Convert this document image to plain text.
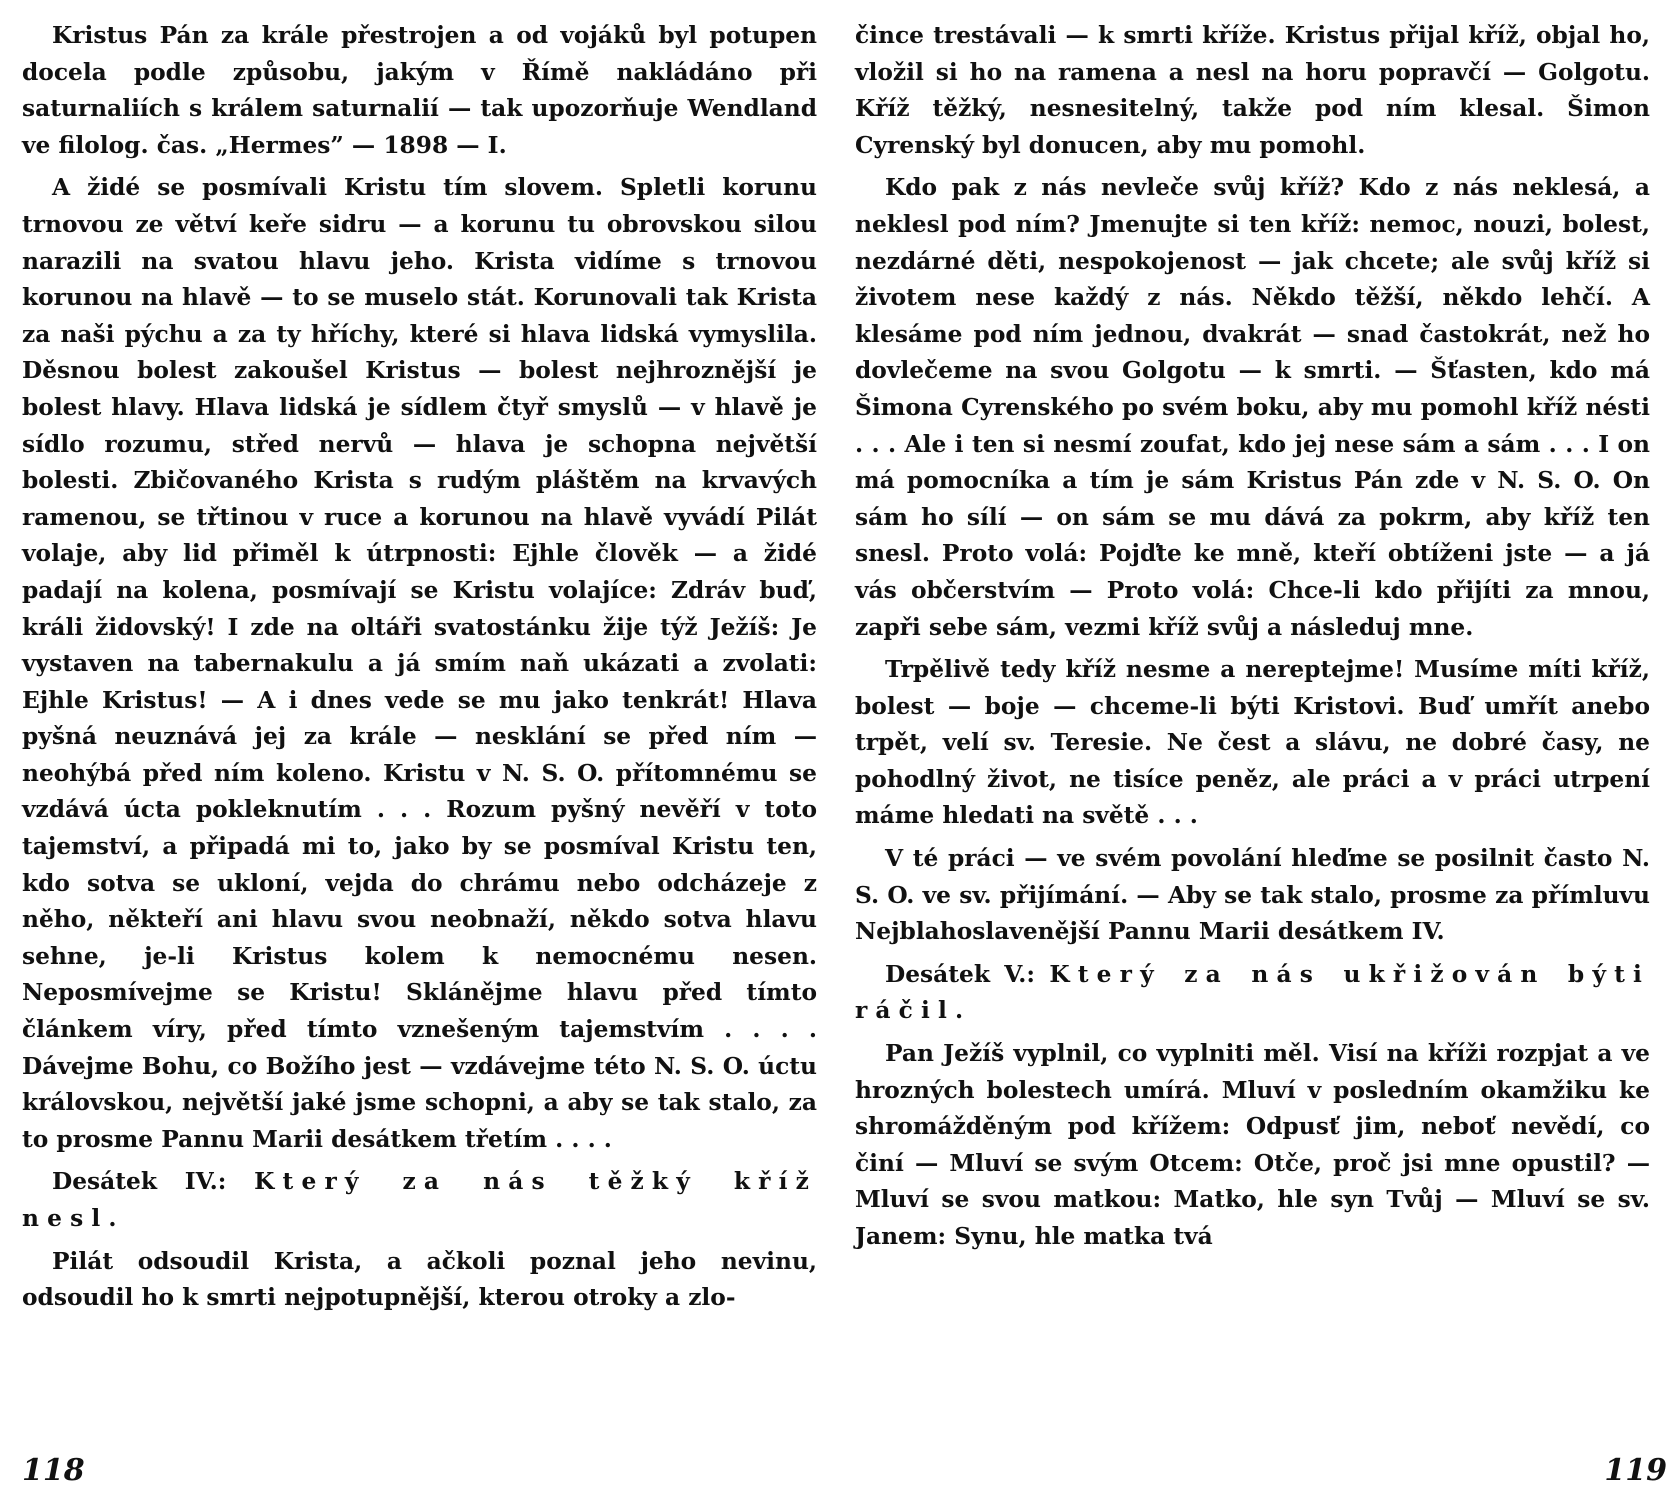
Kristus Pán za krále přestrojen a od vojáků byl potupen docela podle způsobu, jakým v Římě nakládáno při saturnaliích s králem saturnalií — tak upozorňuje Wendland ve filolog. čas. „Hermes” — 1898 — I.

A židé se posmívali Kristu tím slovem. Spletli korunu trnovou ze větví keře sidru — a korunu tu obrovskou silou narazili na svatou hlavu jeho. Krista vidíme s trnovou korunou na hlavě — to se muselo stát. Korunovali tak Krista za naši pýchu a za ty hříchy, které si hlava lidská vymyslila. Děsnou bolest zakoušel Kristus — bolest nejhroznější je bolest hlavy. Hlava lidská je sídlem čtyř smyslů — v hlavě je sídlo rozumu, střed nervů — hlava je schopna největší bolesti. Zbičovaného Krista s rudým pláštěm na krvavých ramenou, se třtinou v ruce a korunou na hlavě vyvádí Pilát volaje, aby lid přiměl k útrpnosti: Ejhle člověk — a židé padají na kolena, posmívají se Kristu volajíce: Zdráv buď, králi židovský! I zde na oltáři svatostánku žije týž Ježíš: Je vystaven na tabernakulu a já smím naň ukázati a zvolati: Ejhle Kristus! — A i dnes vede se mu jako tenkrát! Hlava pyšná neuznává jej za krále — nesklání se před ním — neohýbá před ním koleno. Kristu v N. S. O. přítomnému se vzdává úcta pokleknutím . . . Rozum pyšný nevěří v toto tajemství, a připadá mi to, jako by se posmíval Kristu ten, kdo sotva se ukloní, vejda do chrámu nebo odcházeje z něho, někteří ani hlavu svou neobnaží, někdo sotva hlavu sehne, je-li Kristus kolem k nemocnému nesen. Neposmívejme se Kristu! Sklánějme hlavu před tímto článkem víry, před tímto vznešeným tajemstvím . . . . Dávejme Bohu, co Božího jest — vzdávejme této N. S. O. úctu královskou, největší jaké jsme schopni, a aby se tak stalo, za to prosme Pannu Marii desátkem třetím . . . .

Desátek IV.: Který za nás těžký kříž nesl.

Pilát odsoudil Krista, a ačkoli poznal jeho nevinu, odsoudil ho k smrti nejpotupnější, kterou otroky a zlo-

118

čince trestávali — k smrti kříže. Kristus přijal kříž, objal ho, vložil si ho na ramena a nesl na horu popravčí — Golgotu. Kříž těžký, nesnesitelný, takže pod ním klesal. Šimon Cyrenský byl donucen, aby mu pomohl.

Kdo pak z nás nevleče svůj kříž? Kdo z nás neklesá, a neklesl pod ním? Jmenujte si ten kříž: nemoc, nouzi, bolest, nezdárné děti, nespokojenost — jak chcete; ale svůj kříž si životem nese každý z nás. Někdo těžší, někdo lehčí. A klesáme pod ním jednou, dvakrát — snad častokrát, než ho dovlečeme na svou Golgotu — k smrti. — Šťasten, kdo má Šimona Cyrenského po svém boku, aby mu pomohl kříž nésti . . . Ale i ten si nesmí zoufat, kdo jej nese sám a sám . . . I on má pomocníka a tím je sám Kristus Pán zde v N. S. O. On sám ho sílí — on sám se mu dává za pokrm, aby kříž ten snesl. Proto volá: Pojďte ke mně, kteří obtíženi jste — a já vás občerstvím — Proto volá: Chce-li kdo přijíti za mnou, zapři sebe sám, vezmi kříž svůj a následuj mne.

Trpělivě tedy kříž nesme a nereptejme! Musíme míti kříž, bolest — boje — chceme-li býti Kristovi. Buď umřít anebo trpět, velí sv. Teresie. Ne čest a slávu, ne dobré časy, ne pohodlný život, ne tisíce peněz, ale práci a v práci utrpení máme hledati na světě . . .

V té práci — ve svém povolání hleďme se posilnit často N. S. O. ve sv. přijímání. — Aby se tak stalo, prosme za přímluvu Nejblahoslavenější Pannu Marii desátkem IV.

Desátek V.: Který za nás ukřižován býti ráčil.

Pan Ježíš vyplnil, co vyplniti měl. Visí na kříži rozpjat a ve hrozných bolestech umírá. Mluví v posledním okamžiku ke shromážděným pod křížem: Odpusť jim, neboť nevědí, co činí — Mluví se svým Otcem: Otče, proč jsi mne opustil? — Mluví se svou matkou: Matko, hle syn Tvůj — Mluví se sv. Janem: Synu, hle matka tvá

119
